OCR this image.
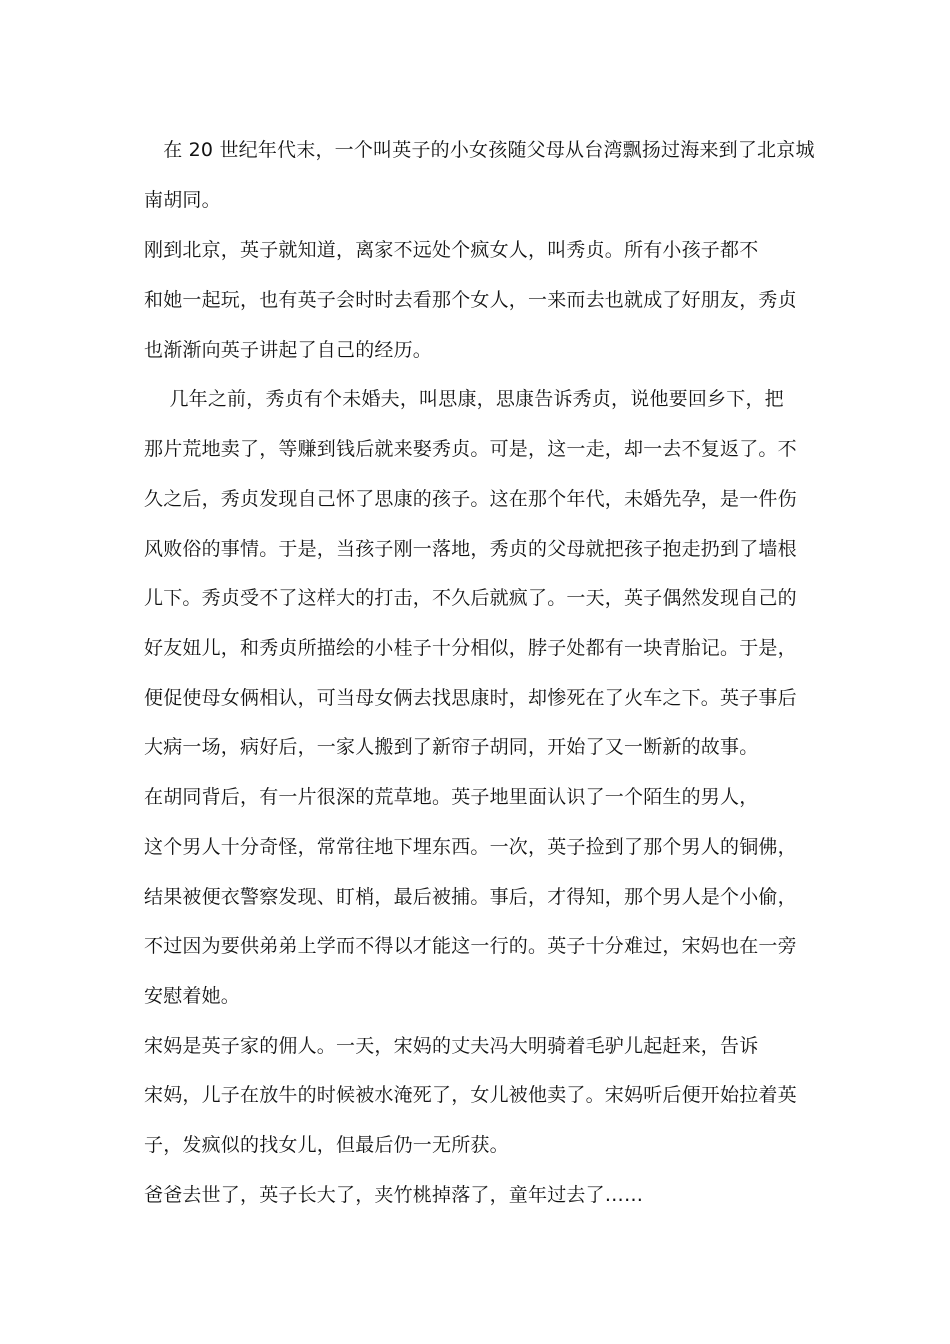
　在 20 世纪年代末，一个叫英子的小女孩随父母从台湾飘扬过海来到了北京城
南胡同。
刚到北京，英子就知道，离家不远处个疯女人，叫秀贞。所有小孩子都不
和她一起玩，也有英子会时时去看那个女人，一来而去也就成了好朋友，秀贞
也渐渐向英子讲起了自己的经历。
　 几年之前，秀贞有个未婚夫，叫思康，思康告诉秀贞，说他要回乡下，把
那片荒地卖了，等赚到钱后就来娶秀贞。可是，这一走，却一去不复返了。不
久之后，秀贞发现自己怀了思康的孩子。这在那个年代，未婚先孕，是一件伤
风败俗的事情。于是，当孩子刚一落地，秀贞的父母就把孩子抱走扔到了墙根
儿下。秀贞受不了这样大的打击，不久后就疯了。一天，英子偶然发现自己的
好友妞儿，和秀贞所描绘的小桂子十分相似，脖子处都有一块青胎记。于是，
便促使母女俩相认，可当母女俩去找思康时，却惨死在了火车之下。英子事后
大病一场，病好后，一家人搬到了新帘子胡同，开始了又一断新的故事。
在胡同背后，有一片很深的荒草地。英子地里面认识了一个陌生的男人，
这个男人十分奇怪，常常往地下埋东西。一次，英子捡到了那个男人的铜佛，
结果被便衣警察发现、盯梢，最后被捕。事后，才得知，那个男人是个小偷，
不过因为要供弟弟上学而不得以才能这一行的。英子十分难过，宋妈也在一旁
安慰着她。
宋妈是英子家的佣人。一天，宋妈的丈夫冯大明骑着毛驴儿起赶来，告诉
宋妈，儿子在放牛的时候被水淹死了，女儿被他卖了。宋妈听后便开始拉着英
子，发疯似的找女儿，但最后仍一无所获。
爸爸去世了，英子长大了，夹竹桃掉落了，童年过去了……
